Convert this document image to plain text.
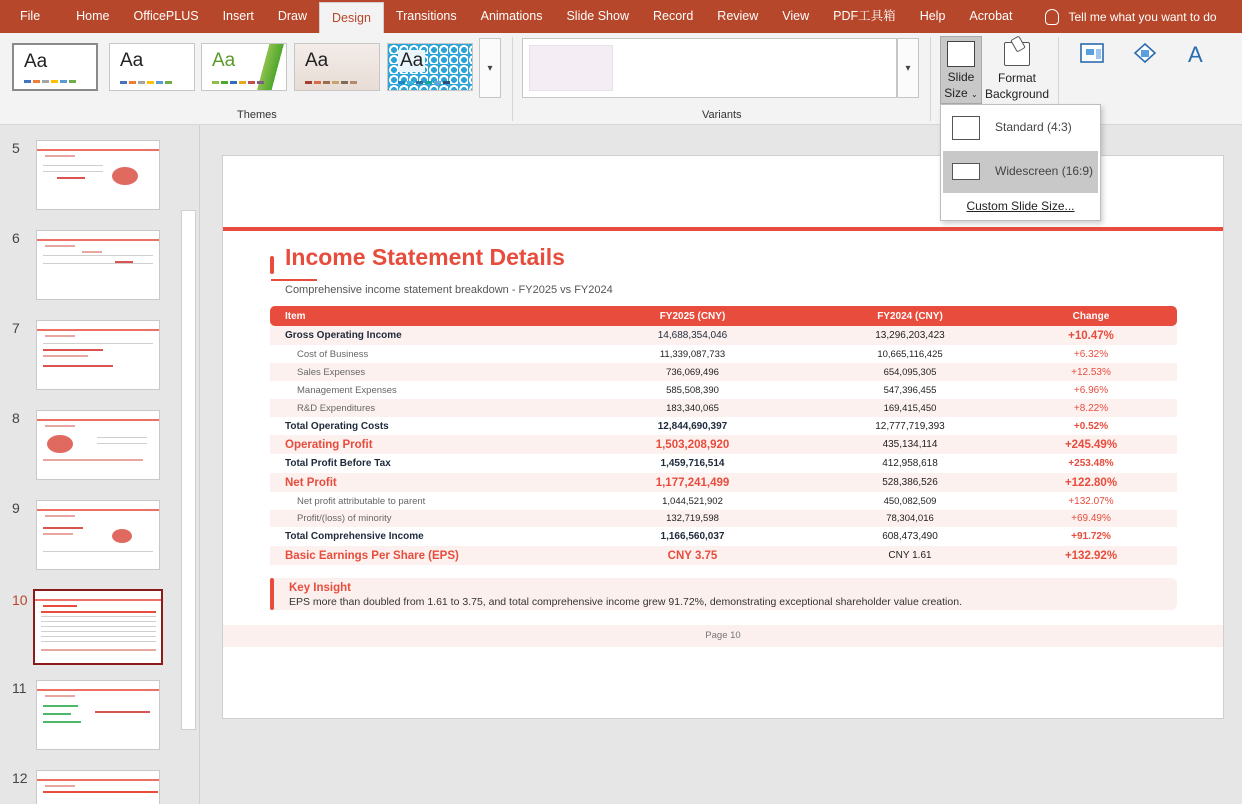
File	Home	OfficePLUS	Insert	Draw	Design	Transitions	Animations	Slide Show	Record	Review	View	PDF工具箱	Help	Acrobat	Tell me what you want to do
Aa	Aa	Aa	Aa	Aa	▾
Themes
▾
Variants
Slide
Size ⌄
Format
Background
A
5
6
7
8
9
10
11
12
Income Statement Details
Comprehensive income statement breakdown - FY2025 vs FY2024
Item	FY2025 (CNY)	FY2024 (CNY)	Change
Gross Operating Income	14,688,354,046	13,296,203,423	+10.47%
Cost of Business	11,339,087,733	10,665,116,425	+6.32%
Sales Expenses	736,069,496	654,095,305	+12.53%
Management Expenses	585,508,390	547,396,455	+6.96%
R&D Expenditures	183,340,065	169,415,450	+8.22%
Total Operating Costs	12,844,690,397	12,777,719,393	+0.52%
Operating Profit	1,503,208,920	435,134,114	+245.49%
Total Profit Before Tax	1,459,716,514	412,958,618	+253.48%
Net Profit	1,177,241,499	528,386,526	+122.80%
Net profit attributable to parent	1,044,521,902	450,082,509	+132.07%
Profit/(loss) of minority	132,719,598	78,304,016	+69.49%
Total Comprehensive Income	1,166,560,037	608,473,490	+91.72%
Basic Earnings Per Share (EPS)	CNY 3.75	CNY 1.61	+132.92%
Key Insight
EPS more than doubled from 1.61 to 3.75, and total comprehensive income grew 91.72%, demonstrating exceptional shareholder value creation.
Page 10
Standard (4:3)
Widescreen (16:9)
Custom Slide Size...
